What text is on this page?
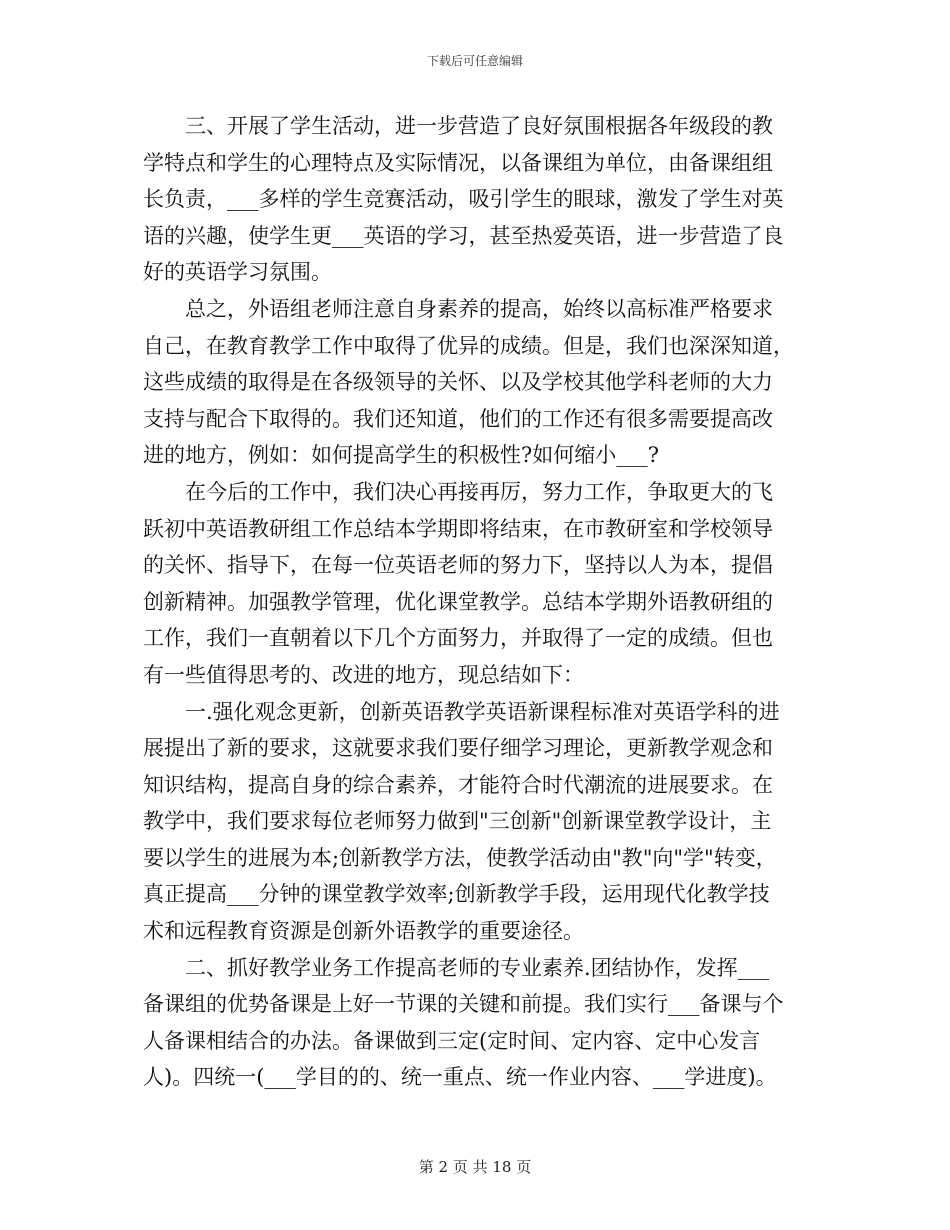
下载后可任意编辑
　　三、开展了学生活动，进一步营造了良好氛围根据各年级段的教
学特点和学生的心理特点及实际情况，以备课组为单位，由备课组组
长负责，___多样的学生竞赛活动，吸引学生的眼球，激发了学生对英
语的兴趣，使学生更___英语的学习，甚至热爱英语，进一步营造了良
好的英语学习氛围。
　　总之，外语组老师注意自身素养的提高，始终以高标准严格要求
自己，在教育教学工作中取得了优异的成绩。但是，我们也深深知道，
这些成绩的取得是在各级领导的关怀、以及学校其他学科老师的大力
支持与配合下取得的。我们还知道，他们的工作还有很多需要提高改
进的地方，例如：如何提高学生的积极性?如何缩小___?
　　在今后的工作中，我们决心再接再厉，努力工作，争取更大的飞
跃初中英语教研组工作总结本学期即将结束，在市教研室和学校领导
的关怀、指导下，在每一位英语老师的努力下，坚持以人为本，提倡
创新精神。加强教学管理，优化课堂教学。总结本学期外语教研组的
工作，我们一直朝着以下几个方面努力，并取得了一定的成绩。但也
有一些值得思考的、改进的地方，现总结如下：
　　一.强化观念更新，创新英语教学英语新课程标准对英语学科的进
展提出了新的要求，这就要求我们要仔细学习理论，更新教学观念和
知识结构，提高自身的综合素养，才能符合时代潮流的进展要求。在
教学中，我们要求每位老师努力做到"三创新"创新课堂教学设计，主
要以学生的进展为本;创新教学方法，使教学活动由"教"向"学"转变，
真正提高___分钟的课堂教学效率;创新教学手段，运用现代化教学技
术和远程教育资源是创新外语教学的重要途径。
　　二、抓好教学业务工作提高老师的专业素养.团结协作，发挥___
备课组的优势备课是上好一节课的关键和前提。我们实行___备课与个
人备课相结合的办法。备课做到三定(定时间、定内容、定中心发言
人)。四统一(___学目的的、统一重点、统一作业内容、___学进度)。
第 2 页 共 18 页
